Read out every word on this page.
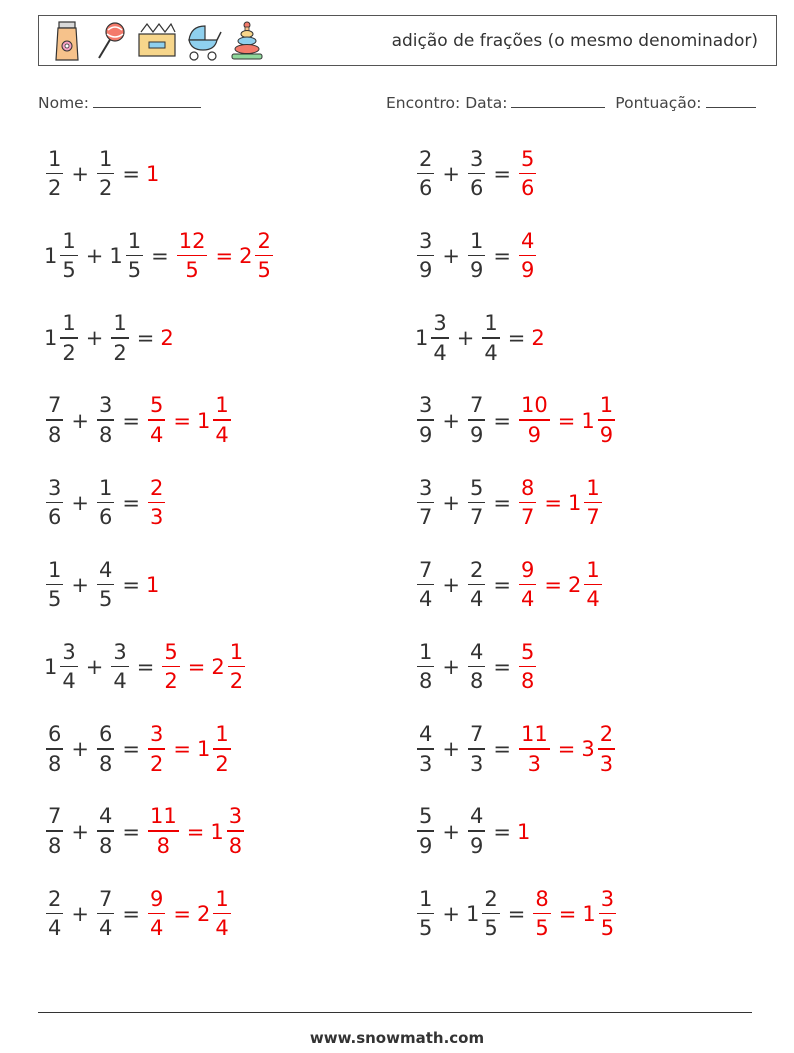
adição de frações (o mesmo denominador)
Nome:	Encontro: Data:	Pontuação:
$\frac{1}{2} + \frac{1}{2} = 1$	$\frac{2}{6} + \frac{3}{6} = \frac{5}{6}$
$1 \frac{1}{5} + 1 \frac{1}{5} = \frac{12}{5} = 2 \frac{2}{5}$	$\frac{3}{9} + \frac{1}{9} = \frac{4}{9}$
$1 \frac{1}{2} + \frac{1}{2} = 2$	$1 \frac{3}{4} + \frac{1}{4} = 2$
$\frac{7}{8} + \frac{3}{8} = \frac{5}{4} = 1 \frac{1}{4}$	$\frac{3}{9} + \frac{7}{9} = \frac{10}{9} = 1 \frac{1}{9}$
$\frac{3}{6} + \frac{1}{6} = \frac{2}{3}$	$\frac{3}{7} + \frac{5}{7} = \frac{8}{7} = 1 \frac{1}{7}$
$\frac{1}{5} + \frac{4}{5} = 1$	$\frac{7}{4} + \frac{2}{4} = \frac{9}{4} = 2 \frac{1}{4}$
$1 \frac{3}{4} + \frac{3}{4} = \frac{5}{2} = 2 \frac{1}{2}$	$\frac{1}{8} + \frac{4}{8} = \frac{5}{8}$
$\frac{6}{8} + \frac{6}{8} = \frac{3}{2} = 1 \frac{1}{2}$	$\frac{4}{3} + \frac{7}{3} = \frac{11}{3} = 3 \frac{2}{3}$
$\frac{7}{8} + \frac{4}{8} = \frac{11}{8} = 1 \frac{3}{8}$	$\frac{5}{9} + \frac{4}{9} = 1$
$\frac{2}{4} + \frac{7}{4} = \frac{9}{4} = 2 \frac{1}{4}$	$\frac{1}{5} + 1 \frac{2}{5} = \frac{8}{5} = 1 \frac{3}{5}$
www.snowmath.com
